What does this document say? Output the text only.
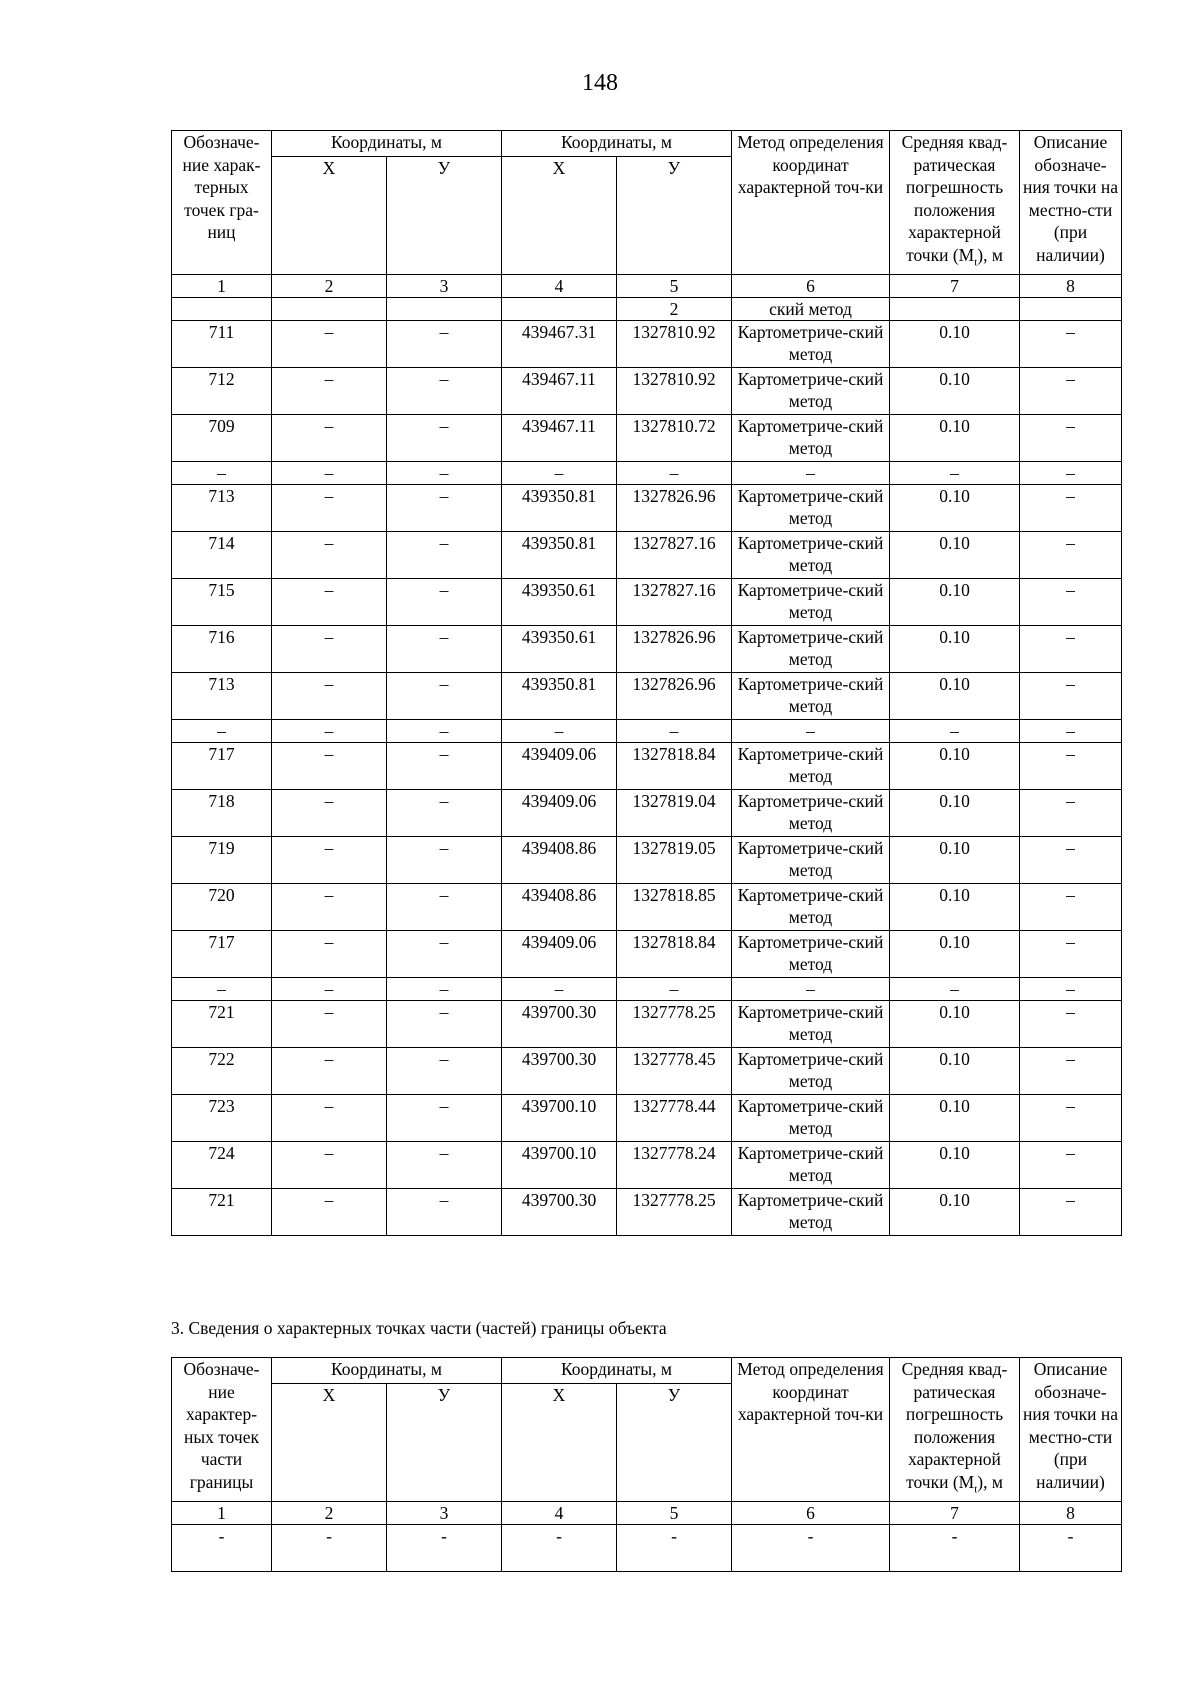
148
Обозначе-ние харак-терных точек гра-ниц	Координаты, м		Координаты, м		Метод определения координат характерной точ-ки	Средняя квад-ратическая погрешность положения характерной точки $(M_t)$, м	Описание обозначе-ния точки на местно-сти (при наличии)
	Х	У	Х	У			
1	2	3	4	5	6	7	8
				2	ский метод		
711	–	–	439467.31	1327810.92	Картометриче-ский метод	0.10	–
712	–	–	439467.11	1327810.92	Картометриче-ский метод	0.10	–
709	–	–	439467.11	1327810.72	Картометриче-ский метод	0.10	–
–	–	–	–	–	–	–	–
713	–	–	439350.81	1327826.96	Картометриче-ский метод	0.10	–
714	–	–	439350.81	1327827.16	Картометриче-ский метод	0.10	–
715	–	–	439350.61	1327827.16	Картометриче-ский метод	0.10	–
716	–	–	439350.61	1327826.96	Картометриче-ский метод	0.10	–
713	–	–	439350.81	1327826.96	Картометриче-ский метод	0.10	–
–	–	–	–	–	–	–	–
717	–	–	439409.06	1327818.84	Картометриче-ский метод	0.10	–
718	–	–	439409.06	1327819.04	Картометриче-ский метод	0.10	–
719	–	–	439408.86	1327819.05	Картометриче-ский метод	0.10	–
720	–	–	439408.86	1327818.85	Картометриче-ский метод	0.10	–
717	–	–	439409.06	1327818.84	Картометриче-ский метод	0.10	–
–	–	–	–	–	–	–	–
721	–	–	439700.30	1327778.25	Картометриче-ский метод	0.10	–
722	–	–	439700.30	1327778.45	Картометриче-ский метод	0.10	–
723	–	–	439700.10	1327778.44	Картометриче-ский метод	0.10	–
724	–	–	439700.10	1327778.24	Картометриче-ский метод	0.10	–
721	–	–	439700.30	1327778.25	Картометриче-ский метод	0.10	–
3. Сведения о характерных точках части (частей) границы объекта
Обозначе-ние характер-ных точек части границы	Координаты, м		Координаты, м		Метод определения координат характерной точ-ки	Средняя квад-ратическая погрешность положения характерной точки $(M_t)$, м	Описание обозначе-ния точки на местно-сти (при наличии)
	Х	У	Х	У			
1	2	3	4	5	6	7	8
-	-	-	-	-	-	-	-
